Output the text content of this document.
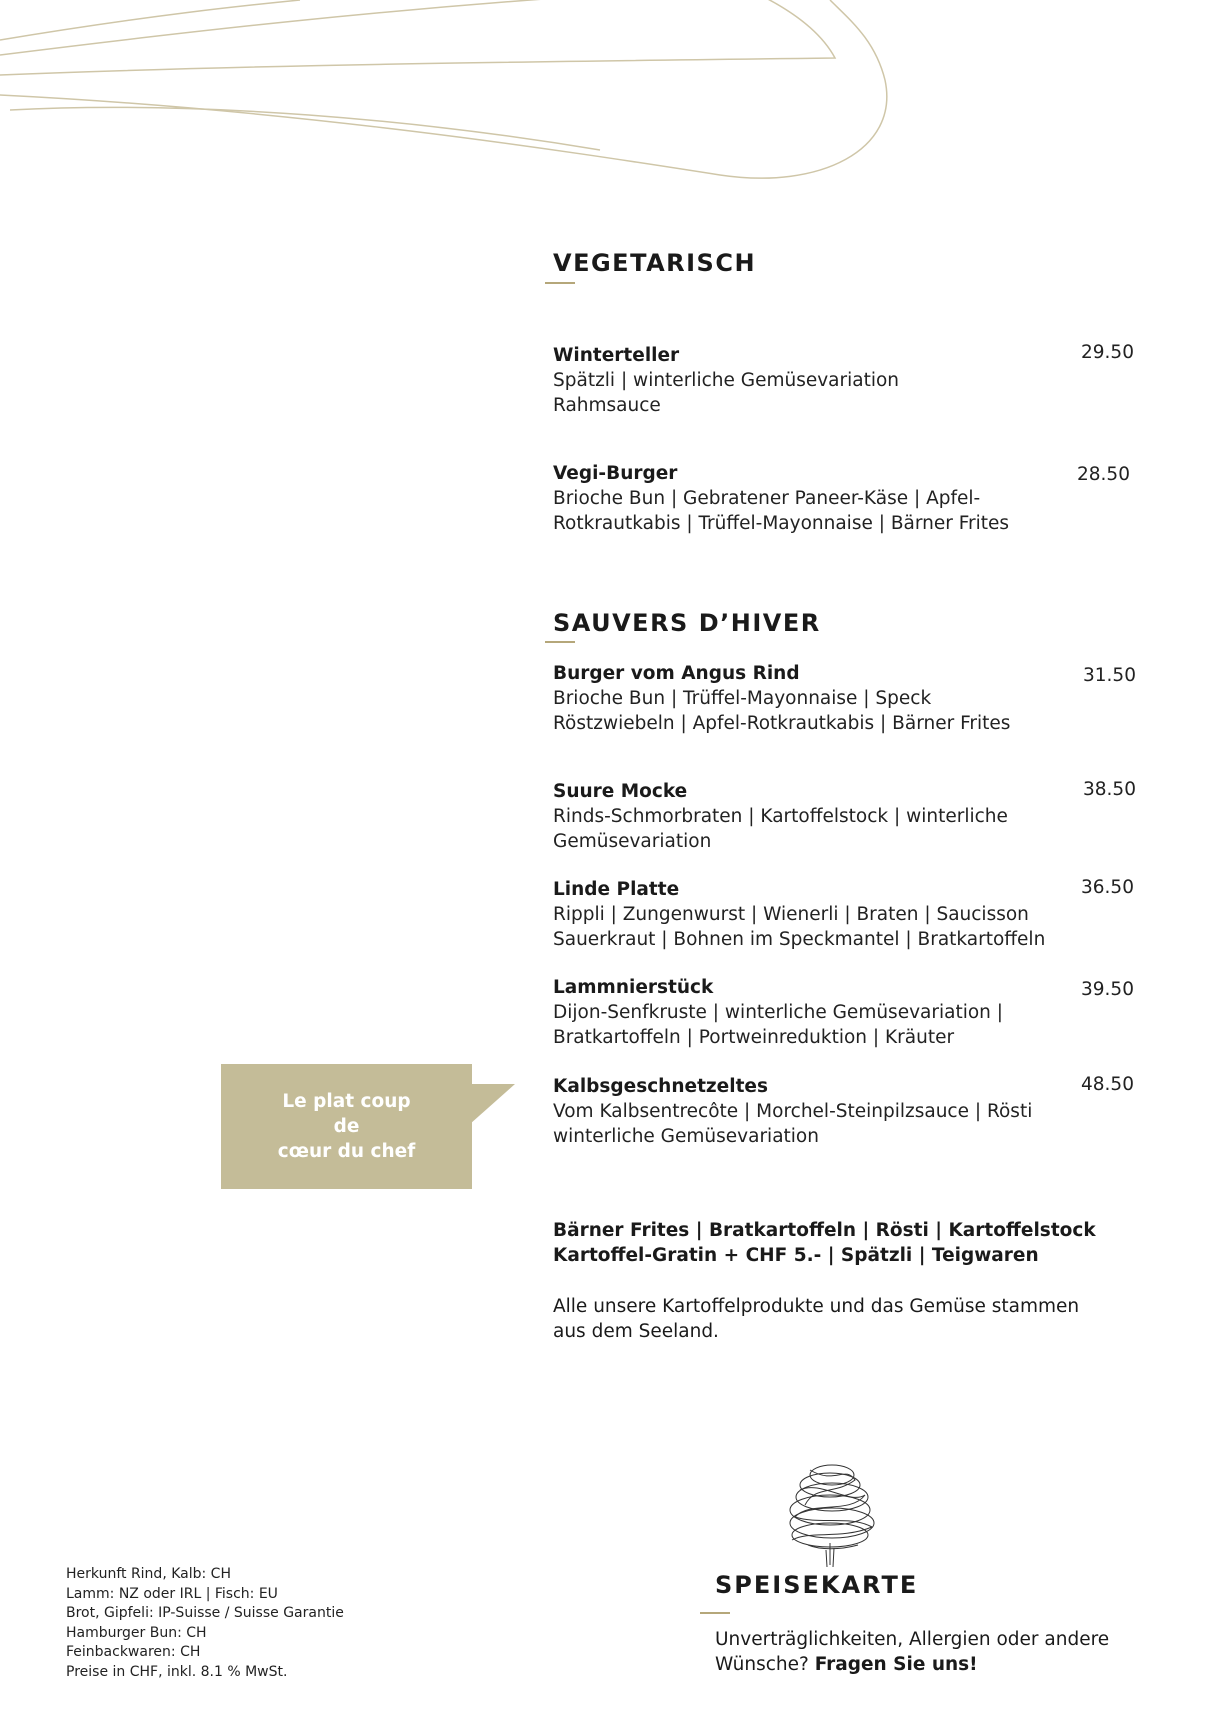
VEGETARISCH
Winterteller
Spätzli | winterliche Gemüsevariation
Rahmsauce
29.50
Vegi-Burger
Brioche Bun | Gebratener Paneer-Käse | Apfel-
Rotkrautkabis | Trüffel-Mayonnaise | Bärner Frites
28.50
SAUVERS D’HIVER
Burger vom Angus Rind
Brioche Bun | Trüffel-Mayonnaise | Speck
Röstzwiebeln | Apfel-Rotkrautkabis | Bärner Frites
31.50
Suure Mocke
Rinds-Schmorbraten | Kartoffelstock | winterliche
Gemüsevariation
38.50
Linde Platte
Rippli | Zungenwurst | Wienerli | Braten | Saucisson
Sauerkraut | Bohnen im Speckmantel | Bratkartoffeln
36.50
Lammnierstück
Dijon-Senfkruste | winterliche Gemüsevariation |
Bratkartoffeln | Portweinreduktion | Kräuter
39.50
Kalbsgeschnetzeltes
Vom Kalbsentrecôte | Morchel-Steinpilzsauce | Rösti
winterliche Gemüsevariation
48.50
Le plat coup de
cœur du chef
Bärner Frites | Bratkartoffeln | Rösti | Kartoffelstock
Kartoffel-Gratin + CHF 5.- | Spätzli | Teigwaren
Alle unsere Kartoffelprodukte und das Gemüse stammen
aus dem Seeland.
Herkunft Rind, Kalb: CH
Lamm: NZ oder IRL | Fisch: EU
Brot, Gipfeli: IP-Suisse / Suisse Garantie
Hamburger Bun: CH
Feinbackwaren: CH
Preise in CHF, inkl. 8.1 % MwSt.
SPEISEKARTE
Unverträglichkeiten, Allergien oder andere
Wünsche? Fragen Sie uns!
